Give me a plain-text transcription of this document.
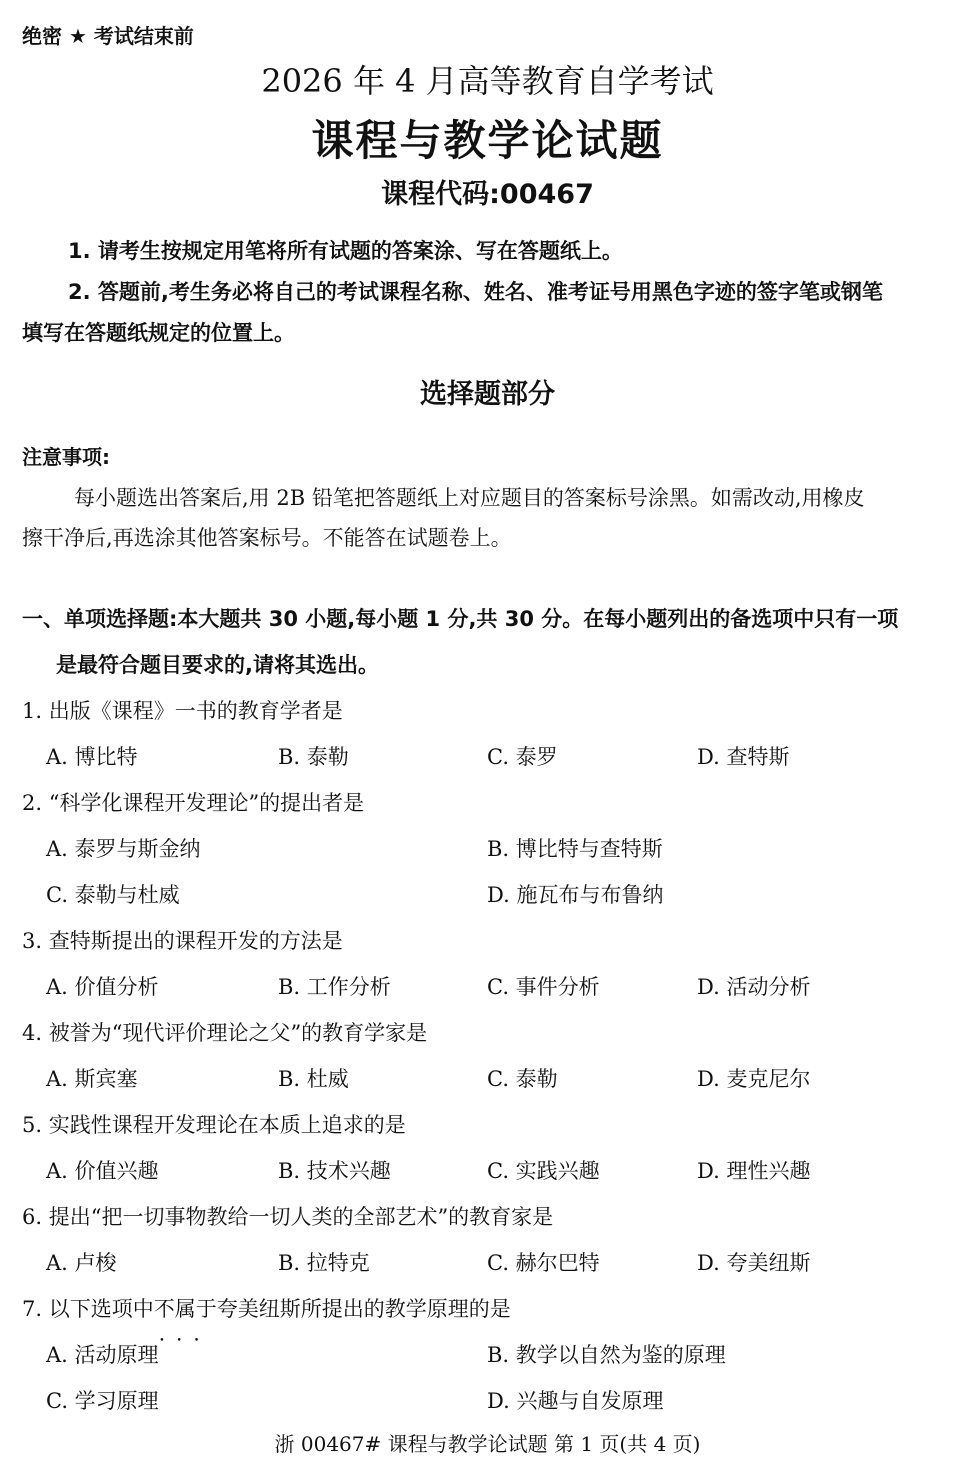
绝密 ★ 考试结束前
2026 年 4 月高等教育自学考试
课程与教学论试题
课程代码:00467
1. 请考生按规定用笔将所有试题的答案涂、写在答题纸上。
2. 答题前,考生务必将自己的考试课程名称、姓名、准考证号用黑色字迹的签字笔或钢笔
填写在答题纸规定的位置上。
选择题部分
注意事项:
每小题选出答案后,用 2B 铅笔把答题纸上对应题目的答案标号涂黑。如需改动,用橡皮
擦干净后,再选涂其他答案标号。不能答在试题卷上。
一、单项选择题:本大题共 30 小题,每小题 1 分,共 30 分。在每小题列出的备选项中只有一项
是最符合题目要求的,请将其选出。
1. 出版《课程》一书的教育学者是
A. 博比特	B. 泰勒	C. 泰罗	D. 查特斯
2. “科学化课程开发理论”的提出者是
A. 泰罗与斯金纳	B. 博比特与查特斯
C. 泰勒与杜威	D. 施瓦布与布鲁纳
3. 查特斯提出的课程开发的方法是
A. 价值分析	B. 工作分析	C. 事件分析	D. 活动分析
4. 被誉为“现代评价理论之父”的教育学家是
A. 斯宾塞	B. 杜威	C. 泰勒	D. 麦克尼尔
5. 实践性课程开发理论在本质上追求的是
A. 价值兴趣	B. 技术兴趣	C. 实践兴趣	D. 理性兴趣
6. 提出“把一切事物教给一切人类的全部艺术”的教育家是
A. 卢梭	B. 拉特克	C. 赫尔巴特	D. 夸美纽斯
7. 以下选项中不属于 •••夸美纽斯所提出的教学原理的是
A. 活动原理	B. 教学以自然为鉴的原理
C. 学习原理	D. 兴趣与自发原理
浙 00467# 课程与教学论试题 第 1 页(共 4 页)
